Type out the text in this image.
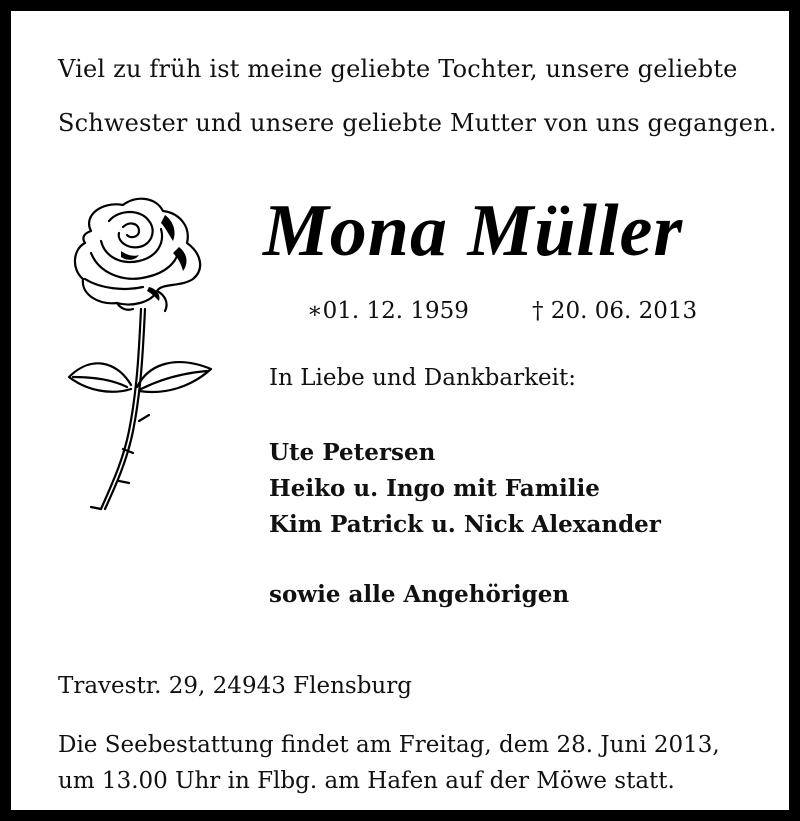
Viel zu früh ist meine geliebte Tochter, unsere geliebte
Schwester und unsere geliebte Mutter von uns gegangen.
Mona Müller
∗01. 12. 1959	† 20. 06. 2013
In Liebe und Dankbarkeit:
Ute Petersen
Heiko u. Ingo mit Familie
Kim Patrick u. Nick Alexander
sowie alle Angehörigen
Travestr. 29, 24943 Flensburg
Die Seebestattung findet am Freitag, dem 28. Juni 2013,
um 13.00 Uhr in Flbg. am Hafen auf der Möwe statt.
